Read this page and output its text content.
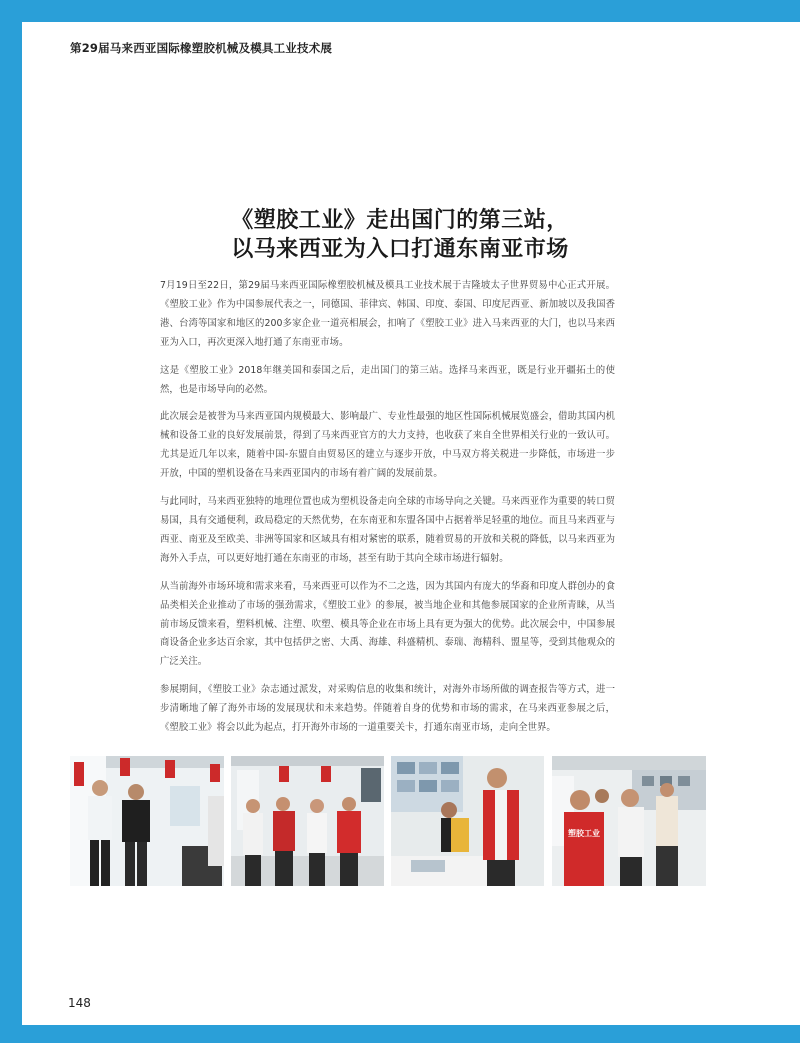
第29届马来西亚国际橡塑胶机械及模具工业技术展
《塑胶工业》走出国门的第三站，
以马来西亚为入口打通东南亚市场

7月19日至22日，第29届马来西亚国际橡塑胶机械及模具工业技术展于吉隆坡太子世界贸易中心正式开展。《塑胶工业》作为中国参展代表之一，同德国、菲律宾、韩国、印度、泰国、印度尼西亚、新加坡以及我国香港、台湾等国家和地区的200多家企业一道亮相展会，扣响了《塑胶工业》进入马来西亚的大门，也以马来西亚为入口，再次更深入地打通了东南亚市场。

这是《塑胶工业》2018年继美国和泰国之后，走出国门的第三站。选择马来西亚，既是行业开疆拓土的使然，也是市场导向的必然。

此次展会是被誉为马来西亚国内规模最大、影响最广、专业性最强的地区性国际机械展览盛会，借助其国内机械和设备工业的良好发展前景，得到了马来西亚官方的大力支持，也收获了来自全世界相关行业的一致认可。尤其是近几年以来，随着中国-东盟自由贸易区的建立与逐步开放，中马双方将关税进一步降低，市场进一步开放，中国的塑机设备在马来西亚国内的市场有着广阔的发展前景。

与此同时，马来西亚独特的地理位置也成为塑机设备走向全球的市场导向之关键。马来西亚作为重要的转口贸易国，具有交通便利，政局稳定的天然优势，在东南亚和东盟各国中占据着举足轻重的地位。而且马来西亚与西亚、南亚及至欧美、非洲等国家和区域具有相对紧密的联系，随着贸易的开放和关税的降低，以马来西亚为海外入手点，可以更好地打通在东南亚的市场，甚至有助于其向全球市场进行辐射。

从当前海外市场环境和需求来看，马来西亚可以作为不二之选，因为其国内有庞大的华裔和印度人群创办的食品类相关企业推动了市场的强劲需求，《塑胶工业》的参展，被当地企业和其他参展国家的企业所青睐，从当前市场反馈来看，塑料机械、注塑、吹塑、模具等企业在市场上具有更为强大的优势。此次展会中，中国参展商设备企业多达百余家，其中包括伊之密、大禹、海雄、科盛精机、泰瑞、海精科、盟星等，受到其他观众的广泛关注。

参展期间，《塑胶工业》杂志通过派发，对采购信息的收集和统计，对海外市场所做的调查报告等方式，进一步清晰地了解了海外市场的发展现状和未来趋势。伴随着自身的优势和市场的需求，在马来西亚参展之后，《塑胶工业》将会以此为起点，打开海外市场的一道重要关卡，打通东南亚市场，走向全世界。

塑胶工业
148
